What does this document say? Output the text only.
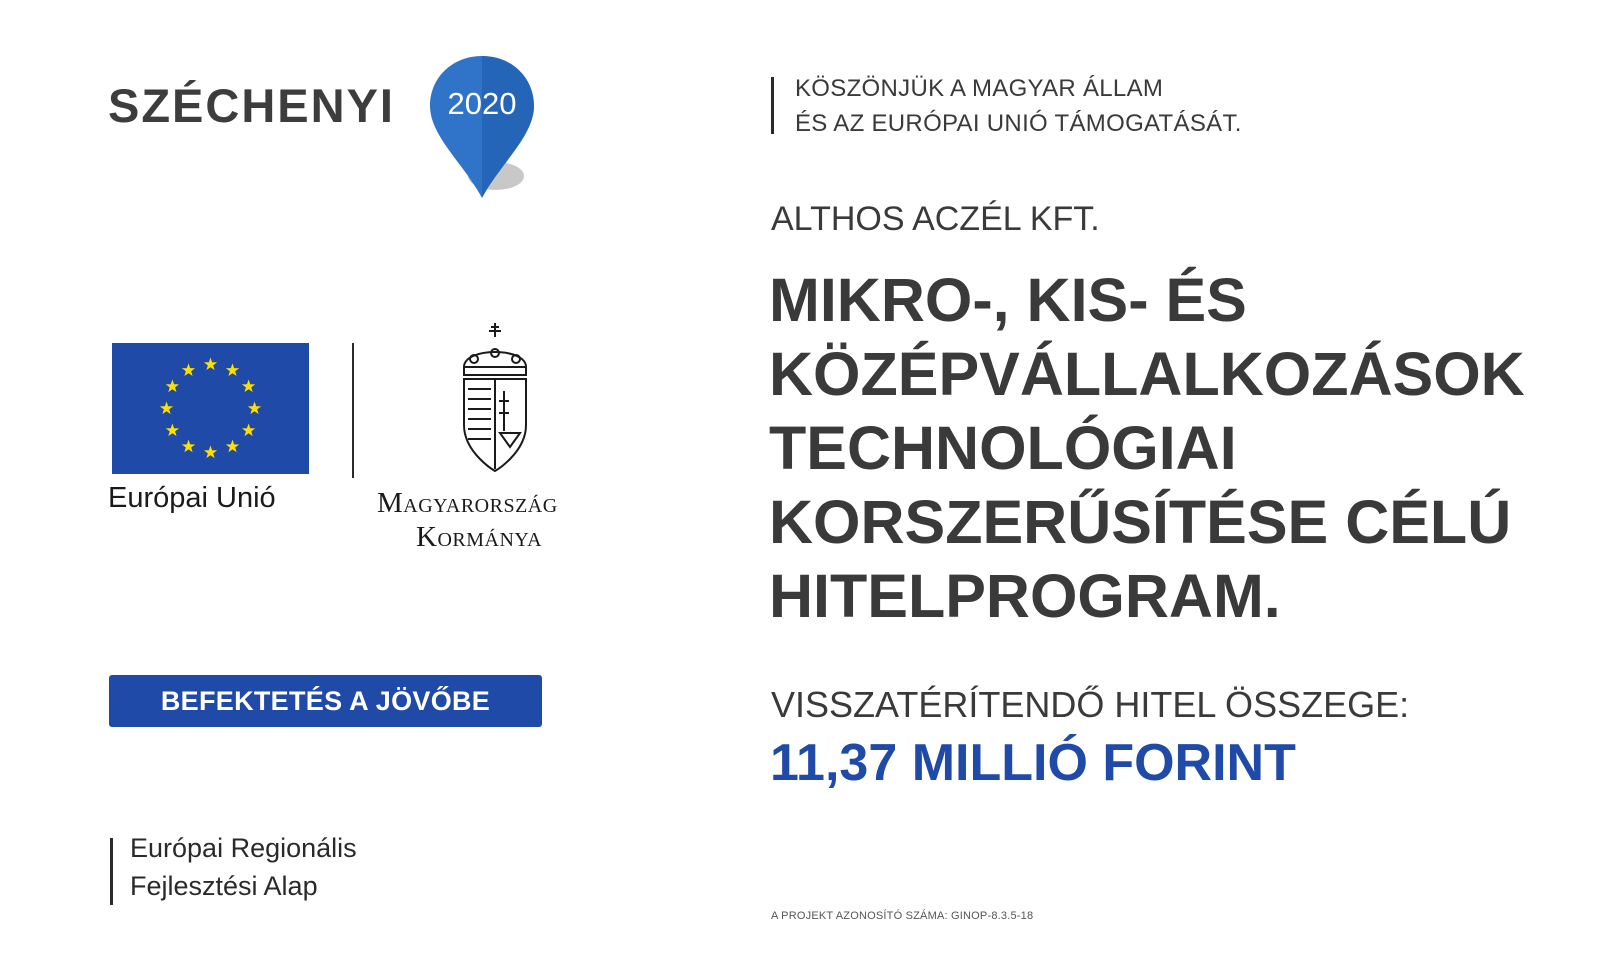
SZÉCHENYI 2020
Európai Unió	Magyarország
Kormánya
BEFEKTETÉS A JÖVŐBE
Európai Regionális
Fejlesztési Alap
KÖSZÖNJÜK A MAGYAR ÁLLAM
ÉS AZ EURÓPAI UNIÓ TÁMOGATÁSÁT.
ALTHOS ACZÉL KFT.
MIKRO-, KIS- ÉS
KÖZÉPVÁLLALKOZÁSOK
TECHNOLÓGIAI
KORSZERŰSÍTÉSE CÉLÚ
HITELPROGRAM.
VISSZATÉRÍTENDŐ HITEL ÖSSZEGE:
11,37 MILLIÓ FORINT
A PROJEKT AZONOSÍTÓ SZÁMA: GINOP-8.3.5-18
